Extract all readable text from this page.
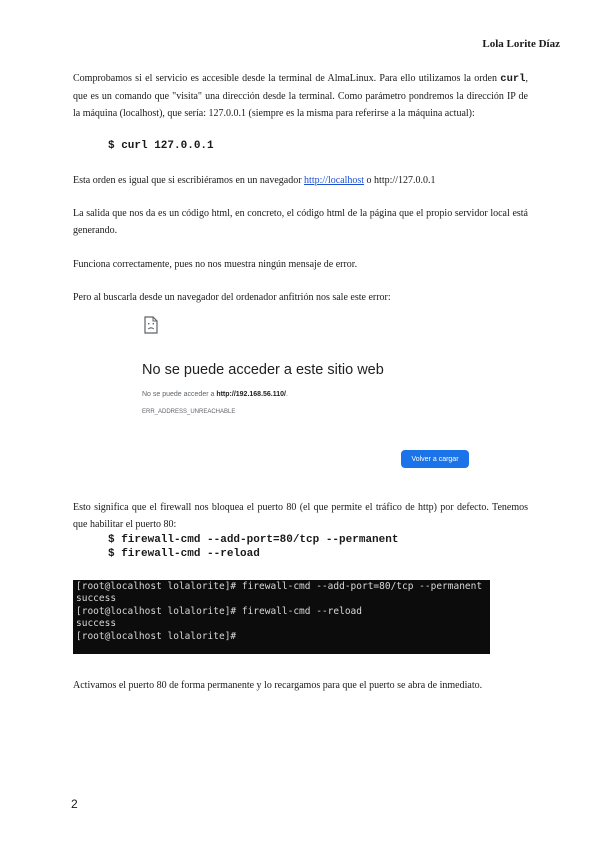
Lola Lorite Díaz
Comprobamos si el servicio es accesible desde la terminal de AlmaLinux. Para ello utilizamos la orden curl, que es un comando que "visita" una dirección desde la terminal. Como parámetro pondremos la dirección IP de la máquina (localhost), que sería: 127.0.0.1 (siempre es la misma para referirse a la máquina actual):
$ curl 127.0.0.1
Esta orden es igual que si escribiéramos en un navegador http://localhost o http://127.0.0.1
La salida que nos da es un código html, en concreto, el código html de la página que el propio servidor local está generando.
Funciona correctamente, pues no nos muestra ningún mensaje de error.
Pero al buscarla desde un navegador del ordenador anfitrión nos sale este error:
No se puede acceder a este sitio web
No se puede acceder a http://192.168.56.110/.
ERR_ADDRESS_UNREACHABLE
Volver a cargar
Esto significa que el firewall nos bloquea el puerto 80 (el que permite el tráfico de http) por defecto. Tenemos que habilitar el puerto 80:
$ firewall-cmd --add-port=80/tcp --permanent
$ firewall-cmd --reload
[root@localhost lolalorite]# firewall-cmd --add-port=80/tcp --permanent
success
[root@localhost lolalorite]# firewall-cmd --reload
success
[root@localhost lolalorite]#
Activamos el puerto 80 de forma permanente y lo recargamos para que el puerto se abra de inmediato.
2
